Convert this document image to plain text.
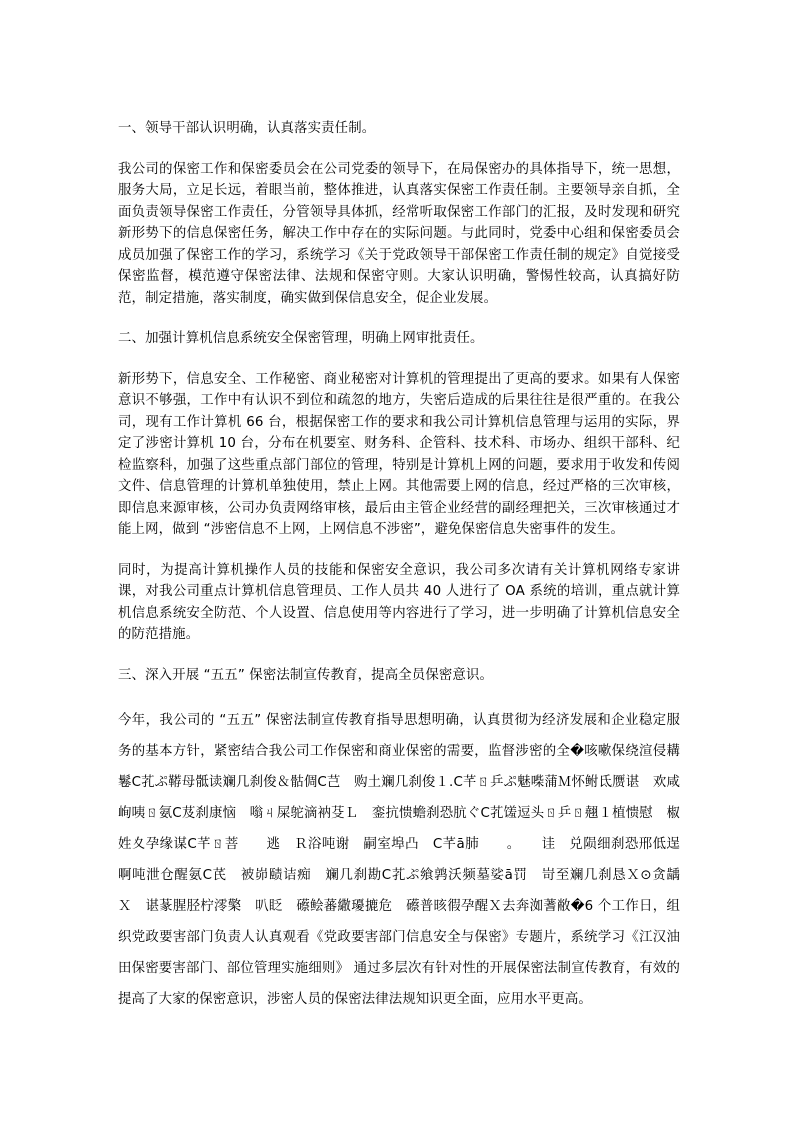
一、领导干部认识明确，认真落实责任制。

我公司的保密工作和保密委员会在公司党委的领导下，在局保密办的具体指导下，统一思想，服务大局，立足长远，着眼当前，整体推进，认真落实保密工作责任制。主要领导亲自抓，全面负责领导保密工作责任，分管领导具体抓，经常听取保密工作部门的汇报，及时发现和研究新形势下的信息保密任务，解决工作中存在的实际问题。与此同时，党委中心组和保密委员会成员加强了保密工作的学习，系统学习《关于党政领导干部保密工作责任制的规定》自觉接受保密监督，模范遵守保密法律、法规和保密守则。大家认识明确，警惕性较高，认真搞好防范，制定措施，落实制度，确实做到保信息安全，促企业发展。

二、加强计算机信息系统安全保密管理，明确上网审批责任。

新形势下，信息安全、工作秘密、商业秘密对计算机的管理提出了更高的要求。如果有人保密意识不够强，工作中有认识不到位和疏忽的地方，失密后造成的后果往往是很严重的。在我公司，现有工作计算机 66 台，根据保密工作的要求和我公司计算机信息管理与运用的实际，界定了涉密计算机 10 台，分布在机要室、财务科、企管科、技术科、市场办、组织干部科、纪检监察科，加强了这些重点部门部位的管理，特别是计算机上网的问题，要求用于收发和传阅文件、信息管理的计算机单独使用，禁止上网。其他需要上网的信息，经过严格的三次审核，即信息来源审核，公司办负责网络审核，最后由主管企业经营的副经理把关，三次审核通过才能上网，做到 “涉密信息不上网，上网信息不涉密”，避免保密信息失密事件的发生。

同时，为提高计算机操作人员的技能和保密安全意识，我公司多次请有关计算机网络专家讲课，对我公司重点计算机信息管理员、工作人员共 40 人进行了 OA 系统的培训，重点就计算机信息系统安全防范、个人设置、信息使用等内容进行了学习，进一步明确了计算机信息安全的防范措施。

三、深入开展 “五五” 保密法制宣传教育，提高全员保密意识。

今年，我公司的 “五五” 保密法制宣传教育指导思想明确，认真贯彻为经济发展和企业稳定服务的基本方针，紧密结合我公司工作保密和商业保密的需要，监督涉密的全�咳嗽保绕渲侵耩鬈C芤ぷ鞯母骶读斓几刹俊＆骷倜C芑　购土斓几刹俊１.C芊ㄖ乒ぷ魅喍蒲Ｍ怀鲋氐赝谌　欢咸峋咦ㄖ氨C芨刹康恼　嗡ㄐ屎鸵滴衲芟Ｌ　銮抗愦蟾刹恐肮ぐC芤馐逗头ㄖ乒ㄖ翹１植愦慰　椒姓夊孕缘谋C芊ㄖ菩　　逃　Ｒ浴吨谢　嗣室埠凸　C芊ā肺　　。　　诖　兑陨细刹恐邢低逞　啊吨泄仓醒氨C芪　被峁赜诘痴　斓几刹勘C芤ぷ飨鹑沃频墓娑ā罚　岢至斓几刹恳Ｘ⊙贪龋　Ｘ　谌蒃腥胫柠澪檠　叭眨　礤鲙蕃繖瓇摝危　礤普晐徦孕醒Ｘ去奔洳蓍敝�6 个工作日，组织党政要害部门负责人认真观看《党政要害部门信息安全与保密》专题片，系统学习《江汉油田保密要害部门、部位管理实施细则》 通过多层次有针对性的开展保密法制宣传教育，有效的提高了大家的保密意识，涉密人员的保密法律法规知识更全面，应用水平更高。
